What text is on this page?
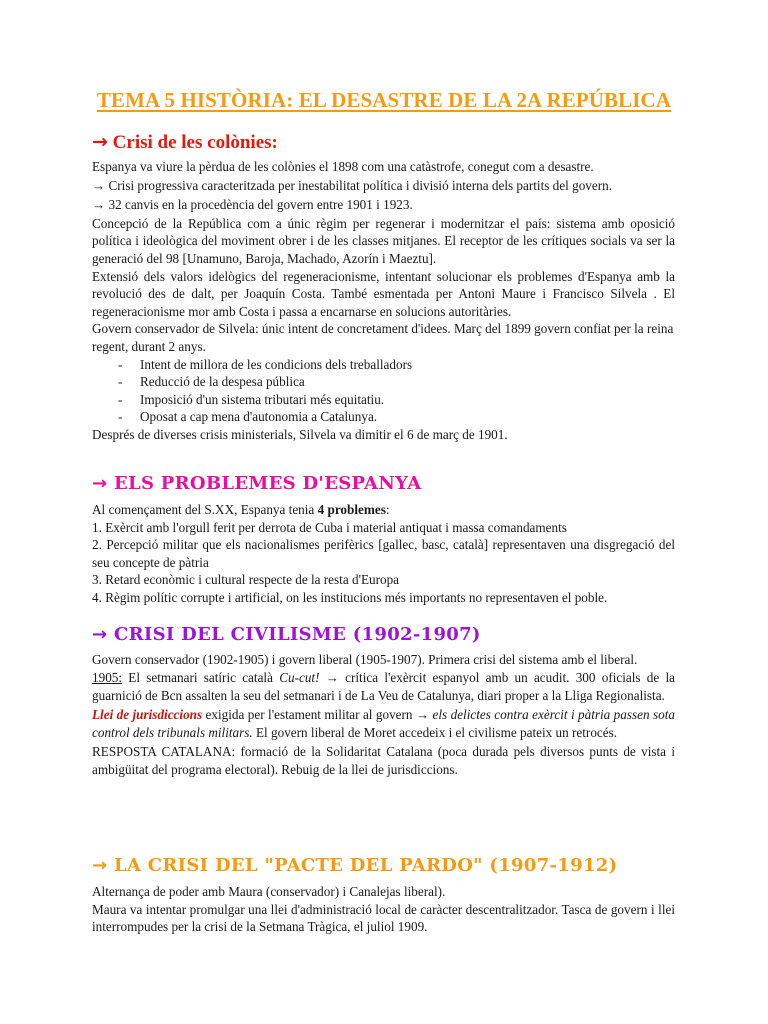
TEMA 5 HISTÒRIA: EL DESASTRE DE LA 2A REPÚBLICA
→ Crisi de les colònies:
Espanya va viure la pèrdua de les colònies el 1898 com una catàstrofe, conegut com a desastre.
→ Crisi progressiva caracteritzada per inestabilitat política i divisió interna dels partits del govern.
→ 32 canvis en la procedència del govern entre 1901 i 1923.

Concepció de la República com a únic règim per regenerar i modernitzar el país: sistema amb oposició política i ideològica del moviment obrer i de les classes mitjanes. El receptor de les crítiques socials va ser la generació del 98 [Unamuno, Baroja, Machado, Azorín i Maeztu].

Extensió dels valors idelògics del regeneracionisme, intentant solucionar els problemes d'Espanya amb la revolució des de dalt, per Joaquín Costa. També esmentada per Antoni Maure i Francisco Silvela . El regeneracionisme mor amb Costa i passa a encarnarse en solucions autoritàries.

Govern conservador de Silvela: únic intent de concretament d'idees. Març del 1899 govern confiat per la reina regent, durant 2 anys.

- Intent de millora de les condicions dels treballadors
- Reducció de la despesa pública
- Imposició d'un sistema tributari més equitatiu.
- Oposat a cap mena d'autonomia a Catalunya.
Després de diverses crisis ministerials, Silvela va dimitir el 6 de març de 1901.
→ ELS PROBLEMES D'ESPANYA
Al començament del S.XX, Espanya tenia 4 problemes:
1. Exèrcit amb l'orgull ferit per derrota de Cuba i material antiquat i massa comandaments

2. Percepció militar que els nacionalismes perifèrics [gallec, basc, català] representaven una disgregació del seu concepte de pàtria

3. Retard econòmic i cultural respecte de la resta d'Europa
4. Règim polític corrupte i artificial, on les institucions més importants no representaven el poble.
→ CRISI DEL CIVILISME (1902-1907)

Govern conservador (1902-1905) i govern liberal (1905-1907). Primera crisi del sistema amb el liberal.

1905: El setmanari satíric català Cu-cut! → crítica l'exèrcit espanyol amb un acudit. 300 oficials de la guarnició de Bcn assalten la seu del setmanari i de La Veu de Catalunya, diari proper a la Lliga Regionalista.

Llei de jurisdiccions exigida per l'estament militar al govern → els delictes contra exèrcit i pàtria passen sota control dels tribunals militars. El govern liberal de Moret accedeix i el civilisme pateix un retrocés.

RESPOSTA CATALANA: formació de la Solidaritat Catalana (poca durada pels diversos punts de vista i ambigüitat del programa electoral). Rebuig de la llei de jurisdiccions.

→ LA CRISI DEL "PACTE DEL PARDO" (1907-1912)
Alternança de poder amb Maura (conservador) i Canalejas liberal).

Maura va intentar promulgar una llei d'administració local de caràcter descentralitzador. Tasca de govern i llei interrompudes per la crisi de la Setmana Tràgica, el juliol 1909.
